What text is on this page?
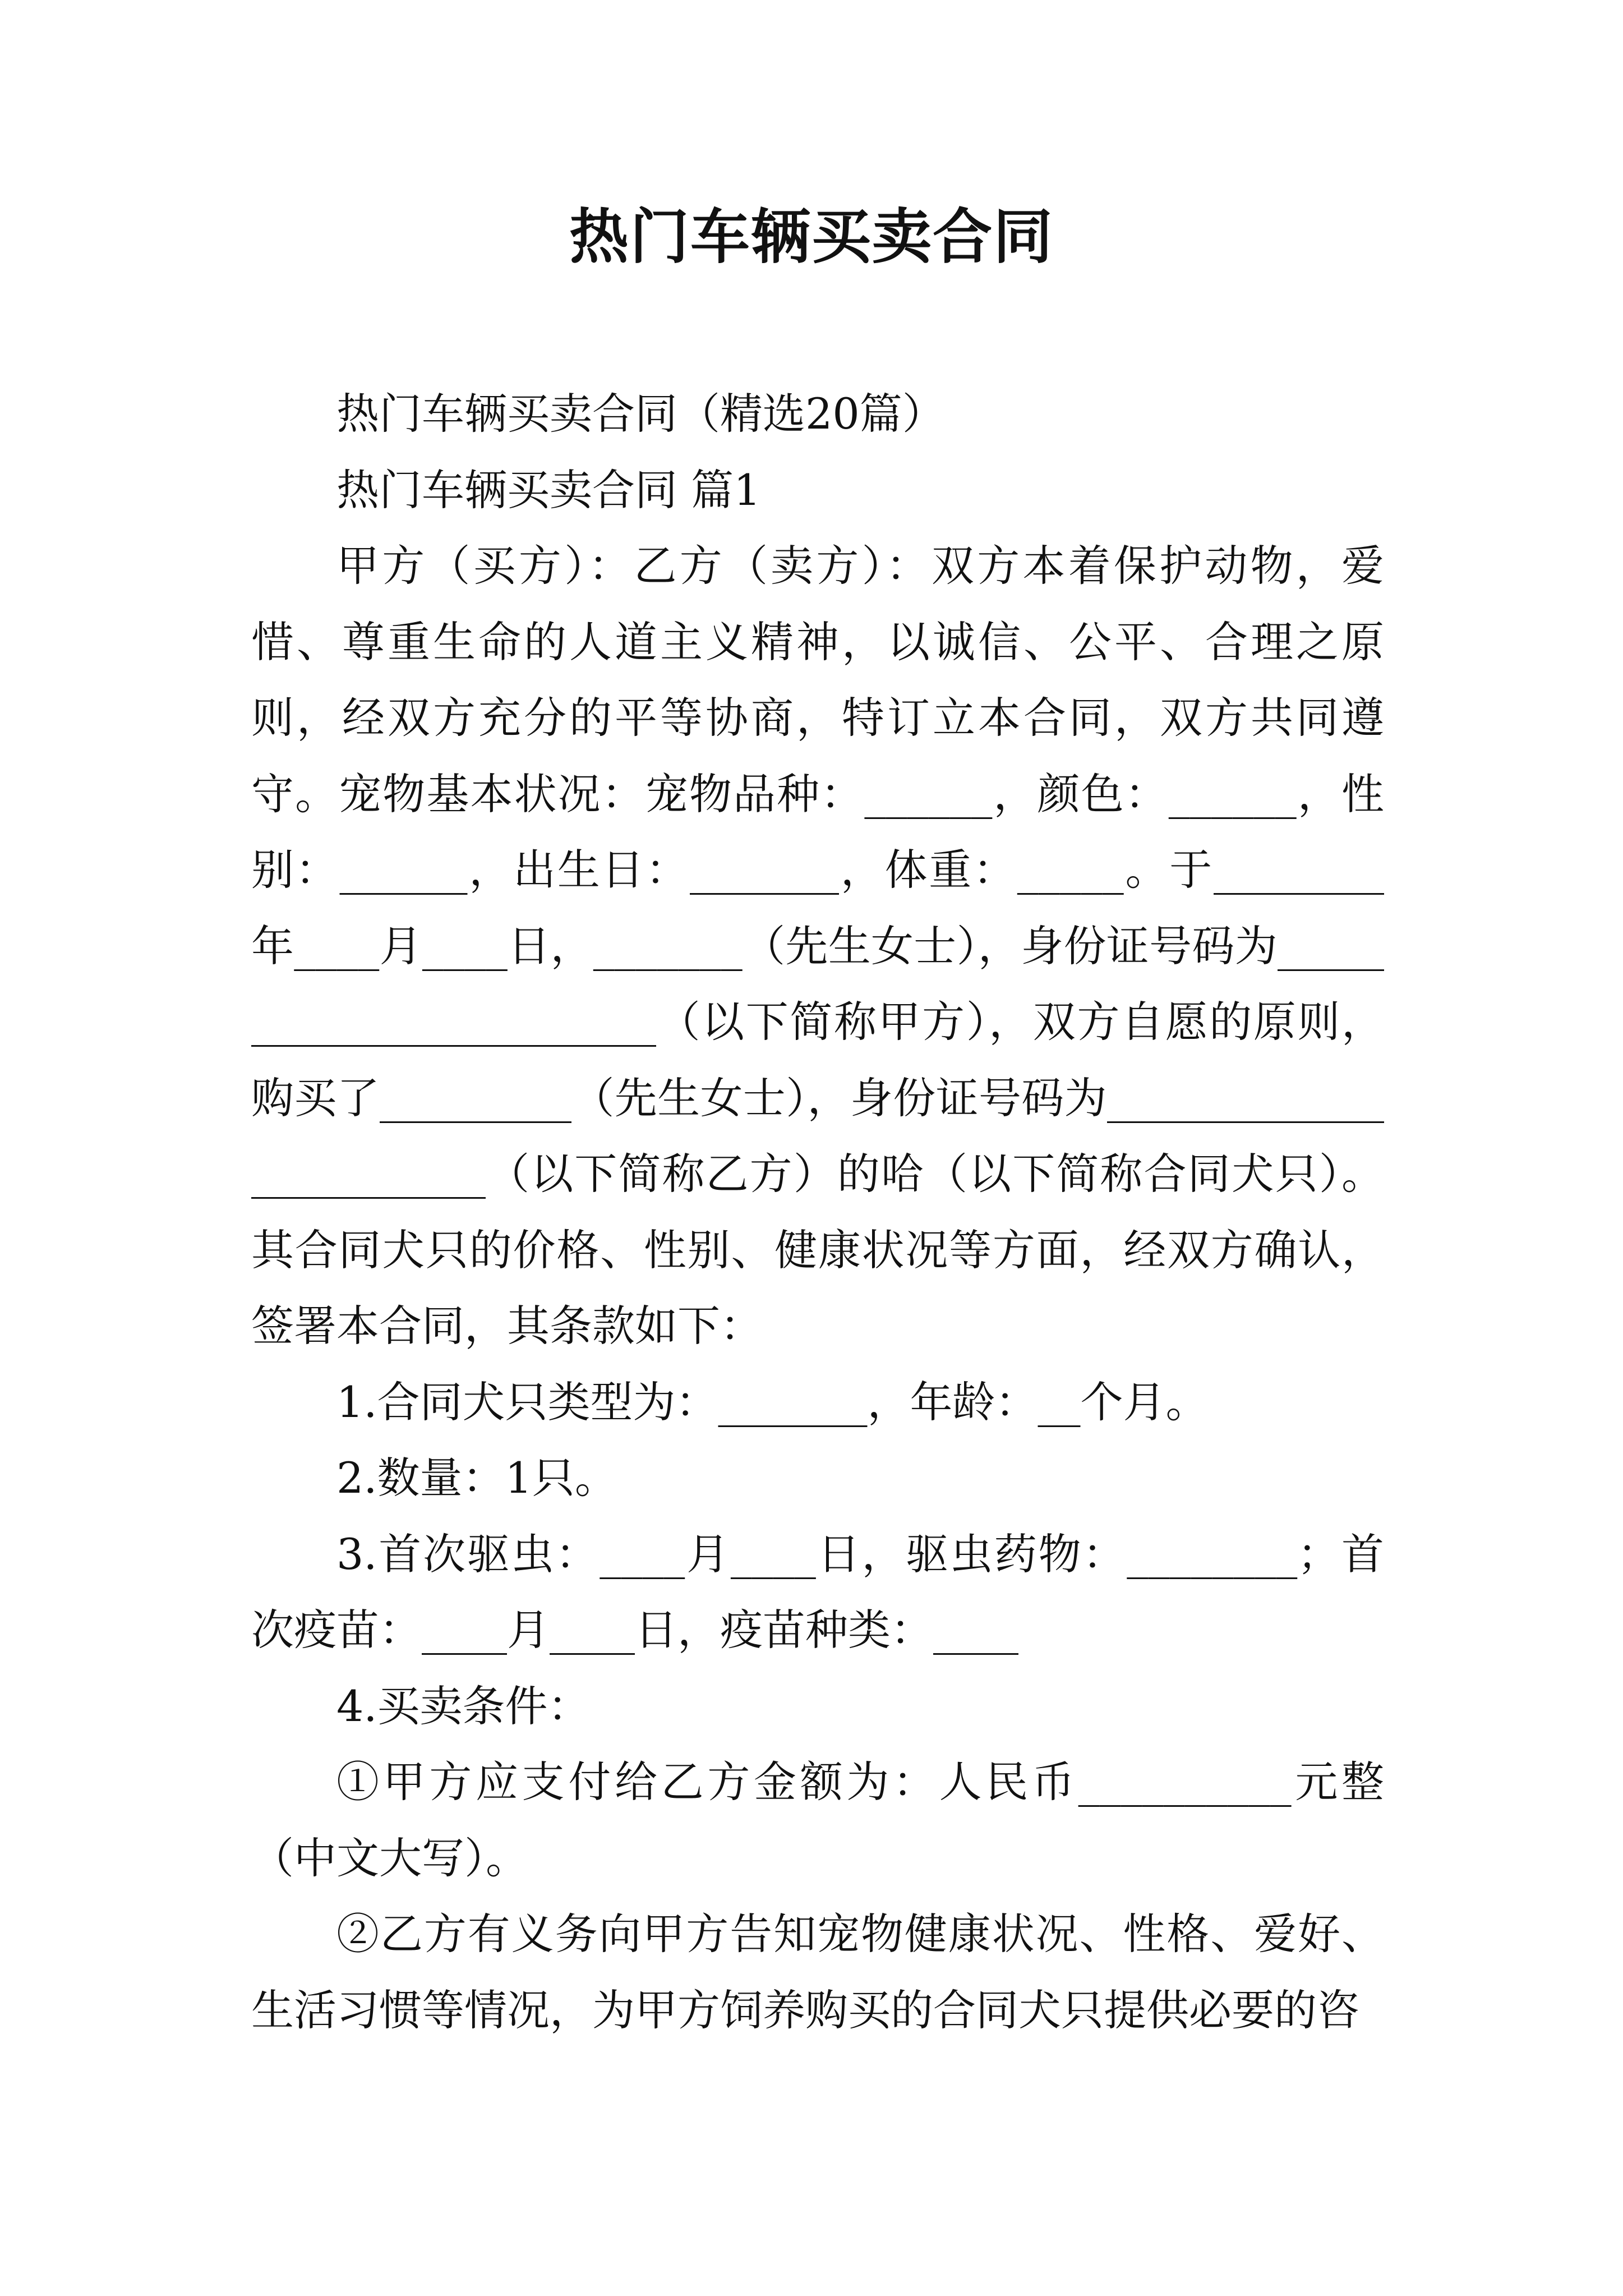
热门车辆买卖合同

热门车辆买卖合同（精选20篇）

热门车辆买卖合同 篇1

甲方（买方）：乙方（卖方）：双方本着保护动物，爱惜、尊重生命的人道主义精神，以诚信、公平、合理之原则，经双方充分的平等协商，特订立本合同，双方共同遵守。宠物基本状况：宠物品种：______，颜色：______，性别：______，出生日：_______，体重：_____。于________年____月____日，_______（先生女士），身份证号码为________________________（以下简称甲方），双方自愿的原则，购买了_________（先生女士），身份证号码为________________________（以下简称乙方）的哈（以下简称合同犬只）。其合同犬只的价格、性别、健康状况等方面，经双方确认，签署本合同，其条款如下：

1.合同犬只类型为：_______，年龄：__个月。

2.数量：1只。

3.首次驱虫：____月____日，驱虫药物：________；首次疫苗：____月____日，疫苗种类：____

4.买卖条件：

①甲方应支付给乙方金额为：人民币__________元整（中文大写）。

②乙方有义务向甲方告知宠物健康状况、性格、爱好、生活习惯等情况，为甲方饲养购买的合同犬只提供必要的咨
